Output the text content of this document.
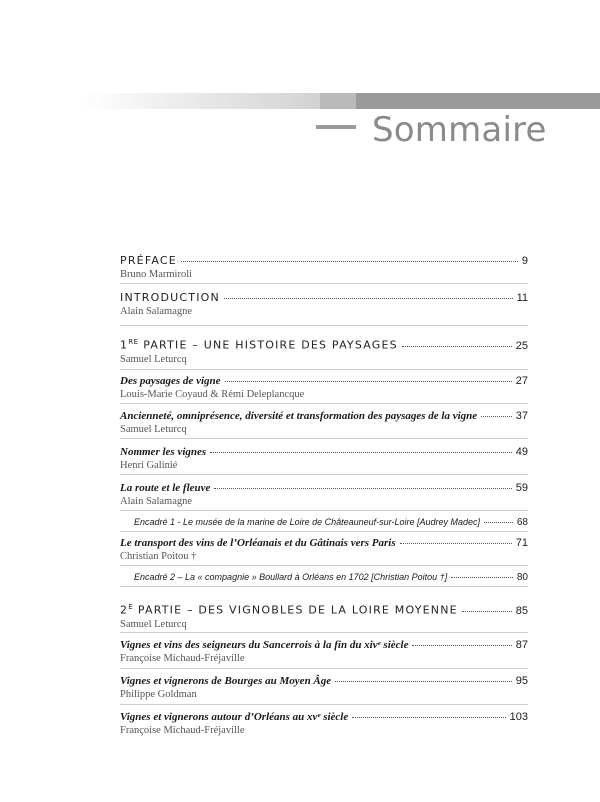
Sommaire
PRÉFACE	9
Bruno Marmiroli
INTRODUCTION	11
Alain Salamagne
1RE PARTIE – UNE HISTOIRE DES PAYSAGES	25
Samuel Leturcq
Des paysages de vigne	27
Louis-Marie Coyaud & Rémi Deleplancque
Ancienneté, omniprésence, diversité et transformation des paysages de la vigne	37
Samuel Leturcq
Nommer les vignes	49
Henri Galinié
La route et le fleuve	59
Alain Salamagne
Encadré 1 - Le musée de la marine de Loire de Châteauneuf-sur-Loire [Audrey Madec]	68
Le transport des vins de l’Orléanais et du Gâtinais vers Paris	71
Christian Poitou †
Encadré 2 – La « compagnie » Boullard à Orléans en 1702 [Christian Poitou †]	80
$2^E$ PARTIE – DES VIGNOBLES DE LA LOIRE MOYENNE	85
Samuel Leturcq
Vignes et vins des seigneurs du Sancerrois à la fin du xivᵉ siècle	87
Françoise Michaud-Fréjaville
Vignes et vignerons de Bourges au Moyen Âge	95
Philippe Goldman
Vignes et vignerons autour d’Orléans au xvᵉ siècle	103
Françoise Michaud-Fréjaville
